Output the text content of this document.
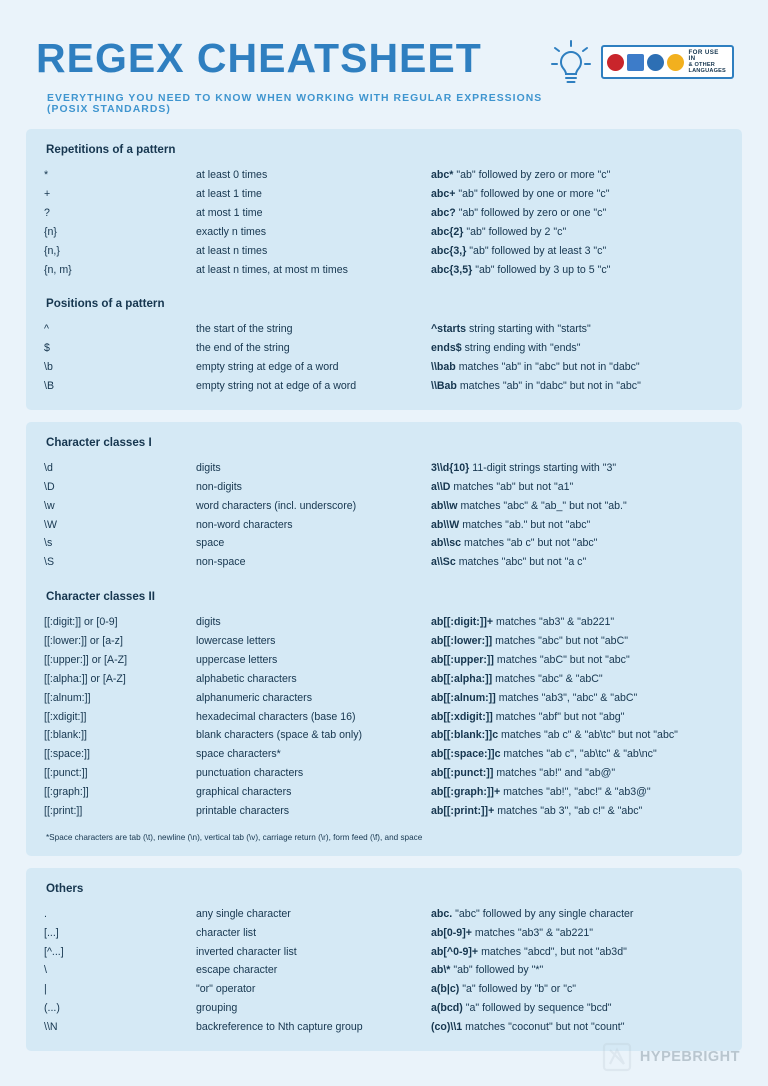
REGEX CHEATSHEET
EVERYTHING YOU NEED TO KNOW WHEN WORKING WITH REGULAR EXPRESSIONS (POSIX STANDARDS)
FOR USE IN
& OTHER LANGUAGES
Repetitions of a pattern
*	at least 0 times	abc* "ab" followed by zero or more "c"
+	at least 1 time	abc+ "ab" followed by one or more "c"
?	at most 1 time	abc? "ab" followed by zero or one "c"
{n}	exactly n times	abc{2} "ab" followed by 2 "c"
{n,}	at least n times	abc{3,} "ab" followed by at least 3 "c"
{n, m}	at least n times, at most m times	abc{3,5} "ab" followed by 3 up to 5 "c"
Positions of a pattern
^	the start of the string	^starts string starting with "starts"
$	the end of the string	ends$ string ending with "ends"
\b	empty string at edge of a word	\\bab matches "ab" in "abc" but not in "dabc"
\B	empty string not at edge of a word	\\Bab matches "ab" in "dabc" but not in "abc"
Character classes I
\d	digits	3\\d{10} 11-digit strings starting with "3"
\D	non-digits	a\\D matches "ab" but not "a1"
\w	word characters (incl. underscore)	ab\\w matches "abc" & "ab_" but not "ab."
\W	non-word characters	ab\\W matches "ab." but not "abc"
\s	space	ab\\sc matches "ab c" but not "abc"
\S	non-space	a\\Sc matches "abc" but not "a c"
Character classes II
[[:digit:]] or [0-9]	digits	ab[[:digit:]]+ matches "ab3" & "ab221"
[[:lower:]] or [a-z]	lowercase letters	ab[[:lower:]] matches "abc" but not "abC"
[[:upper:]] or [A-Z]	uppercase letters	ab[[:upper:]] matches "abC" but not "abc"
[[:alpha:]] or [A-Z]	alphabetic characters	ab[[:alpha:]] matches "abc" & "abC"
[[:alnum:]]	alphanumeric characters	ab[[:alnum:]] matches "ab3", "abc" & "abC"
[[:xdigit:]]	hexadecimal characters (base 16)	ab[[:xdigit:]] matches "abf" but not "abg"
[[:blank:]]	blank characters (space & tab only)	ab[[:blank:]]c matches "ab c" & "ab\tc" but not "abc"
[[:space:]]	space characters*	ab[[:space:]]c matches "ab c", "ab\tc" & "ab\nc"
[[:punct:]]	punctuation characters	ab[[:punct:]] matches "ab!" and "ab@"
[[:graph:]]	graphical characters	ab[[:graph:]]+ matches "ab!", "abc!" & "ab3@"
[[:print:]]	printable characters	ab[[:print:]]+ matches "ab 3", "ab c!" & "abc"
*Space characters are tab (\t), newline (\n), vertical tab (\v), carriage return (\r), form feed (\f), and space
Others
.	any single character	abc. "abc" followed by any single character
[...]	character list	ab[0-9]+ matches "ab3" & "ab221"
[^...]	inverted character list	ab[^0-9]+ matches "abcd", but not "ab3d"
\	escape character	ab\* "ab" followed by "*"
|	"or" operator	a(b|c) "a" followed by "b" or "c"
(...)	grouping	a(bcd) "a" followed by sequence "bcd"
\\N	backreference to Nth capture group	(co)\\1 matches "coconut" but not "count"
HYPEBRIGHT
